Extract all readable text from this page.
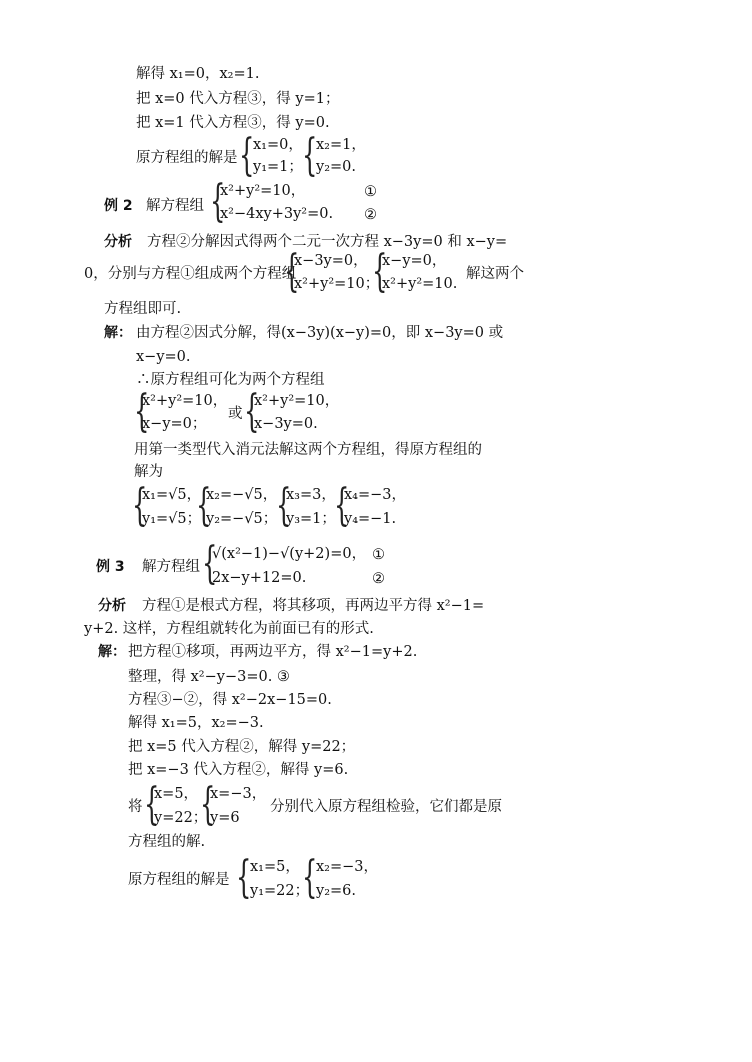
解得 x₁=0，x₂=1.
把 x=0 代入方程③，得 y=1；
把 x=1 代入方程③，得 y=0.
原方程组的解是 {
x₁=0，
y₁=1； {
x₂=1，
y₂=0.
例 2 解方程组 {
x²+y²=10，
x²−4xy+3y²=0.
①
②
分析 方程②分解因式得两个二元一次方程 x−3y=0 和 x−y=
0，分别与方程①组成两个方程组
{
x−3y=0，
x²+y²=10；
{
x−y=0，
x²+y²=10.
解这两个
方程组即可.
解： 由方程②因式分解，得(x−3y)(x−y)=0，即 x−3y=0 或
x−y=0.
∴原方程组可化为两个方程组
{
x²+y²=10，
x−y=0；
或 {
x²+y²=10，
x−3y=0.
用第一类型代入消元法解这两个方程组，得原方程组的
解为
{
x₁=√5，
y₁=√5；
{
x₂=−√5，
y₂=−√5；
{
x₃=3，
y₃=1；
{
x₄=−3，
y₄=−1.
例 3 解方程组 {
√(x²−1)−√(y+2)=0，
2x−y+12=0.
①
②
分析 方程①是根式方程，将其移项，再两边平方得 x²−1=
y+2. 这样，方程组就转化为前面已有的形式.
解： 把方程①移项，再两边平方，得 x²−1=y+2.
整理，得 x²−y−3=0. ③
方程③−②，得 x²−2x−15=0.
解得 x₁=5，x₂=−3.
把 x=5 代入方程②，解得 y=22；
把 x=−3 代入方程②，解得 y=6.
将 {
x=5，
y=22；
{
x=−3，
y=6
分别代入原方程组检验，它们都是原
方程组的解.
原方程组的解是 {
x₁=5，
y₁=22；
{
x₂=−3，
y₂=6.
